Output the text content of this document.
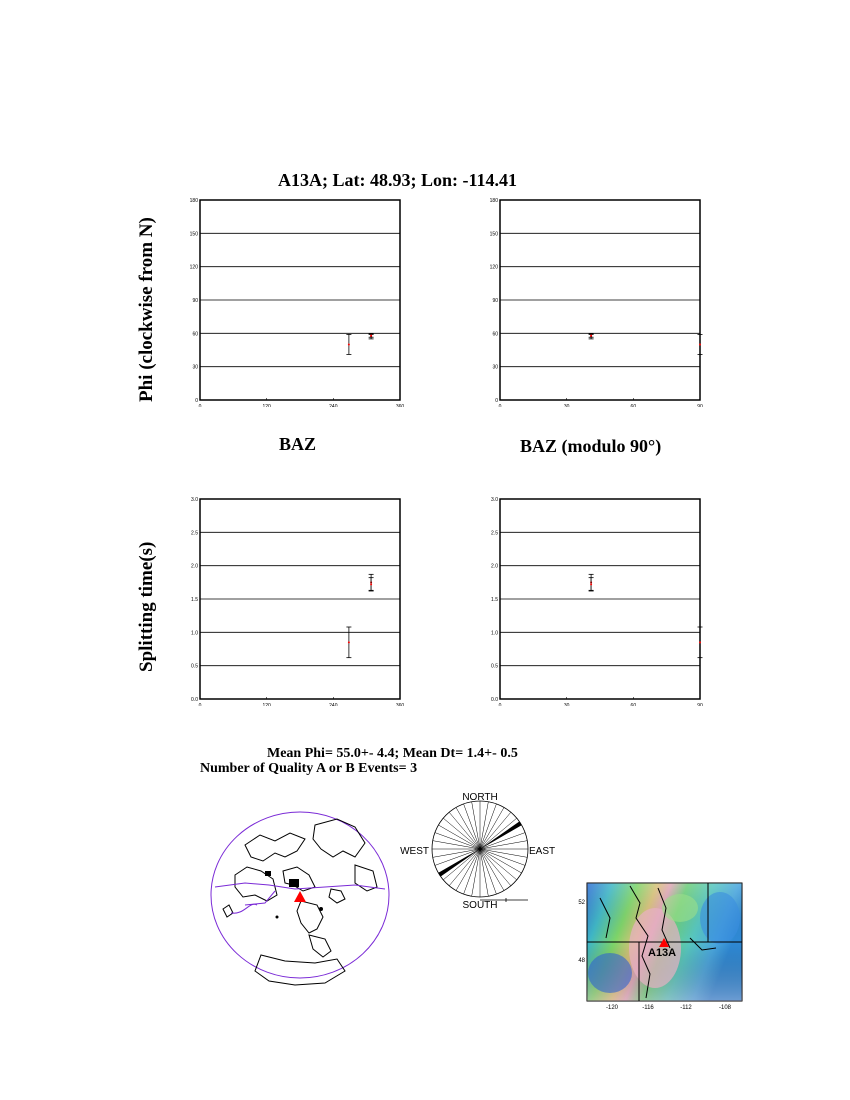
A13A; Lat: 48.93; Lon: -114.41
Phi (clockwise from N)
Splitting time(s)
BAZ	BAZ (modulo 90°)
0
30
60
90
120
150
180
0	120	240	360
0
30
60
90
120
150
180
0	30	60	90
0.0
0.5
1.0
1.5
2.0
2.5
3.0
0	120	240	360
0.0
0.5
1.0
1.5
2.0
2.5
3.0
0	30	60	90
Mean Phi= 55.0+- 4.4; Mean Dt= 1.4+- 0.5
Number of Quality A or B Events= 3
NORTH
SOUTH
EAST
WEST
A13A
52
48
-120	-116	-112	-108
